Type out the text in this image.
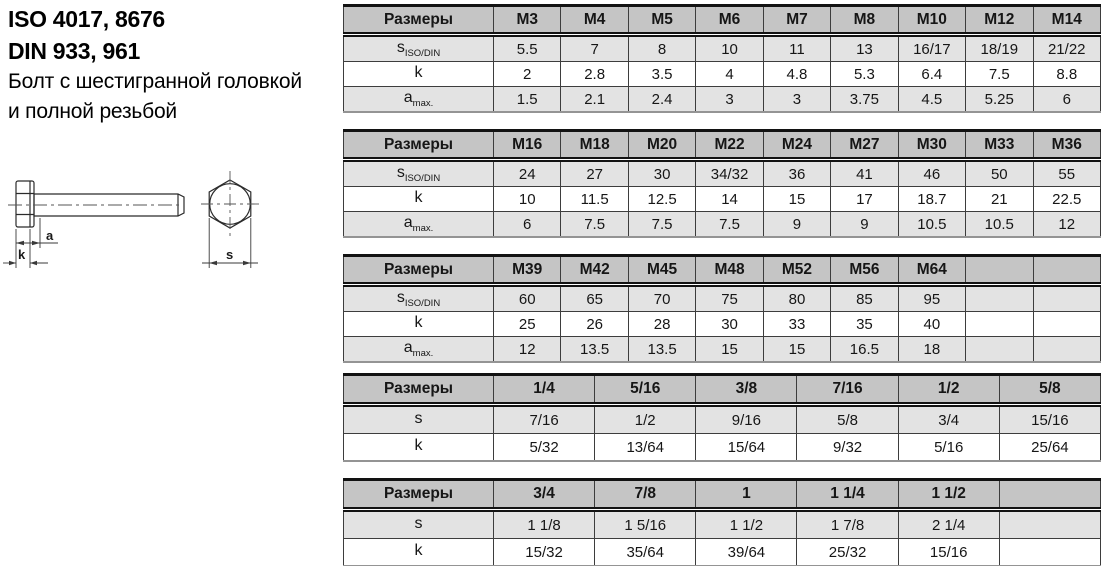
ISO 4017, 8676
DIN 933, 961
Болт с шестигранной головкой
и полной резьбой
a
k	s
Размеры	M3	M4	M5	M6	M7	M8	M10	M12	M14
$s_{ISO/DIN}$	5.5	7	8	10	11	13	16/17	18/19	21/22
k	2	2.8	3.5	4	4.8	5.3	6.4	7.5	8.8
$a_{max.}$	1.5	2.1	2.4	3	3	3.75	4.5	5.25	6
Размеры	M16	M18	M20	M22	M24	M27	M30	M33	M36
$s_{ISO/DIN}$	24	27	30	34/32	36	41	46	50	55
k	10	11.5	12.5	14	15	17	18.7	21	22.5
$a_{max.}$	6	7.5	7.5	7.5	9	9	10.5	10.5	12
Размеры	M39	M42	M45	M48	M52	M56	M64		
$s_{ISO/DIN}$	60	65	70	75	80	85	95		
k	25	26	28	30	33	35	40		
$a_{max.}$	12	13.5	13.5	15	15	16.5	18		
Размеры	1/4	5/16	3/8	7/16	1/2	5/8
s	7/16	1/2	9/16	5/8	3/4	15/16
k	5/32	13/64	15/64	9/32	5/16	25/64
Размеры	3/4	7/8	1	1 1/4	1 1/2	
s	1 1/8	1 5/16	1 1/2	1 7/8	2 1/4	
k	15/32	35/64	39/64	25/32	15/16	
